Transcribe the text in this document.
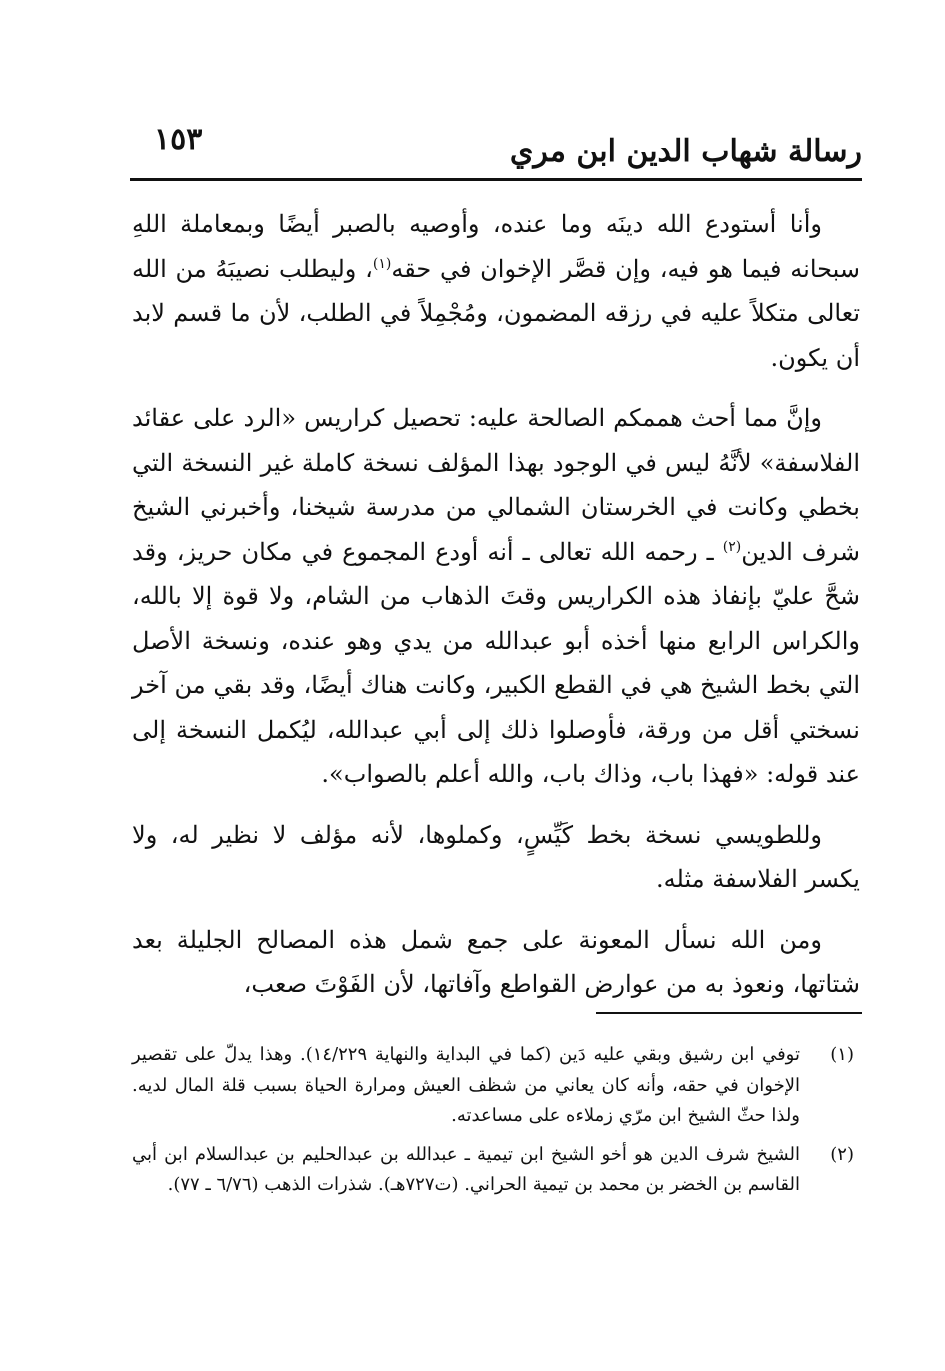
رسالة شهاب الدين ابن مري
١٥٣

وأنا أستودع الله دينَه وما عنده، وأوصيه بالصبر أيضًا وبمعاملة اللهِ سبحانه فيما هو فيه، وإن قصَّر الإخوان في حقه$^{(١)}$، وليطلب نصيبَهُ من الله تعالى متكلاً عليه في رزقه المضمون، ومُجْمِلاً في الطلب، لأن ما قسم لابد أن يكون.

وإنَّ مما أحث هممكم الصالحة عليه: تحصيل كراريس «الرد على عقائد الفلاسفة» لأنَّهُ ليس في الوجود بهذا المؤلف نسخة كاملة غير النسخة التي بخطي وكانت في الخرستان الشمالي من مدرسة شيخنا، وأخبرني الشيخ شرف الدين$^{(٢)}$ ـ رحمه الله تعالى ـ أنه أودع المجموع في مكان حريز، وقد شحَّ عليّ بإنفاذ هذه الكراريس وقتَ الذهاب من الشام، ولا قوة إلا بالله، والكراس الرابع منها أخذه أبو عبدالله من يدي وهو عنده، ونسخة الأصل التي بخط الشيخ هي في القطع الكبير، وكانت هناك أيضًا، وقد بقي من آخر نسختي أقل من ورقة، فأوصلوا ذلك إلى أبي عبدالله، ليُكمل النسخة إلى عند قوله: «فهذا باب، وذاك باب، والله أعلم بالصواب».

وللطويسي نسخة بخط كَيِّسٍ، وكملوها، لأنه مؤلف لا نظير له، ولا يكسر الفلاسفة مثله.

ومن الله نسأل المعونة على جمع شمل هذه المصالح الجليلة بعد شتاتها، ونعوذ به من عوارض القواطع وآفاتها، لأن الفَوْتَ صعب،

(١)
توفي ابن رشيق وبقي عليه دَين (كما في البداية والنهاية ١٤/٢٢٩). وهذا يدلّ على تقصير الإخوان في حقه، وأنه كان يعاني من شظف العيش ومرارة الحياة بسبب قلة المال لديه. ولذا حثّ الشيخ ابن مرّي زملاءه على مساعدته.
(٢)
الشيخ شرف الدين هو أخو الشيخ ابن تيمية ـ عبدالله بن عبدالحليم بن عبدالسلام ابن أبي القاسم بن الخضر بن محمد بن تيمية الحراني. (ت٧٢٧هـ). شذرات الذهب (٦/٧٦ ـ ٧٧).
